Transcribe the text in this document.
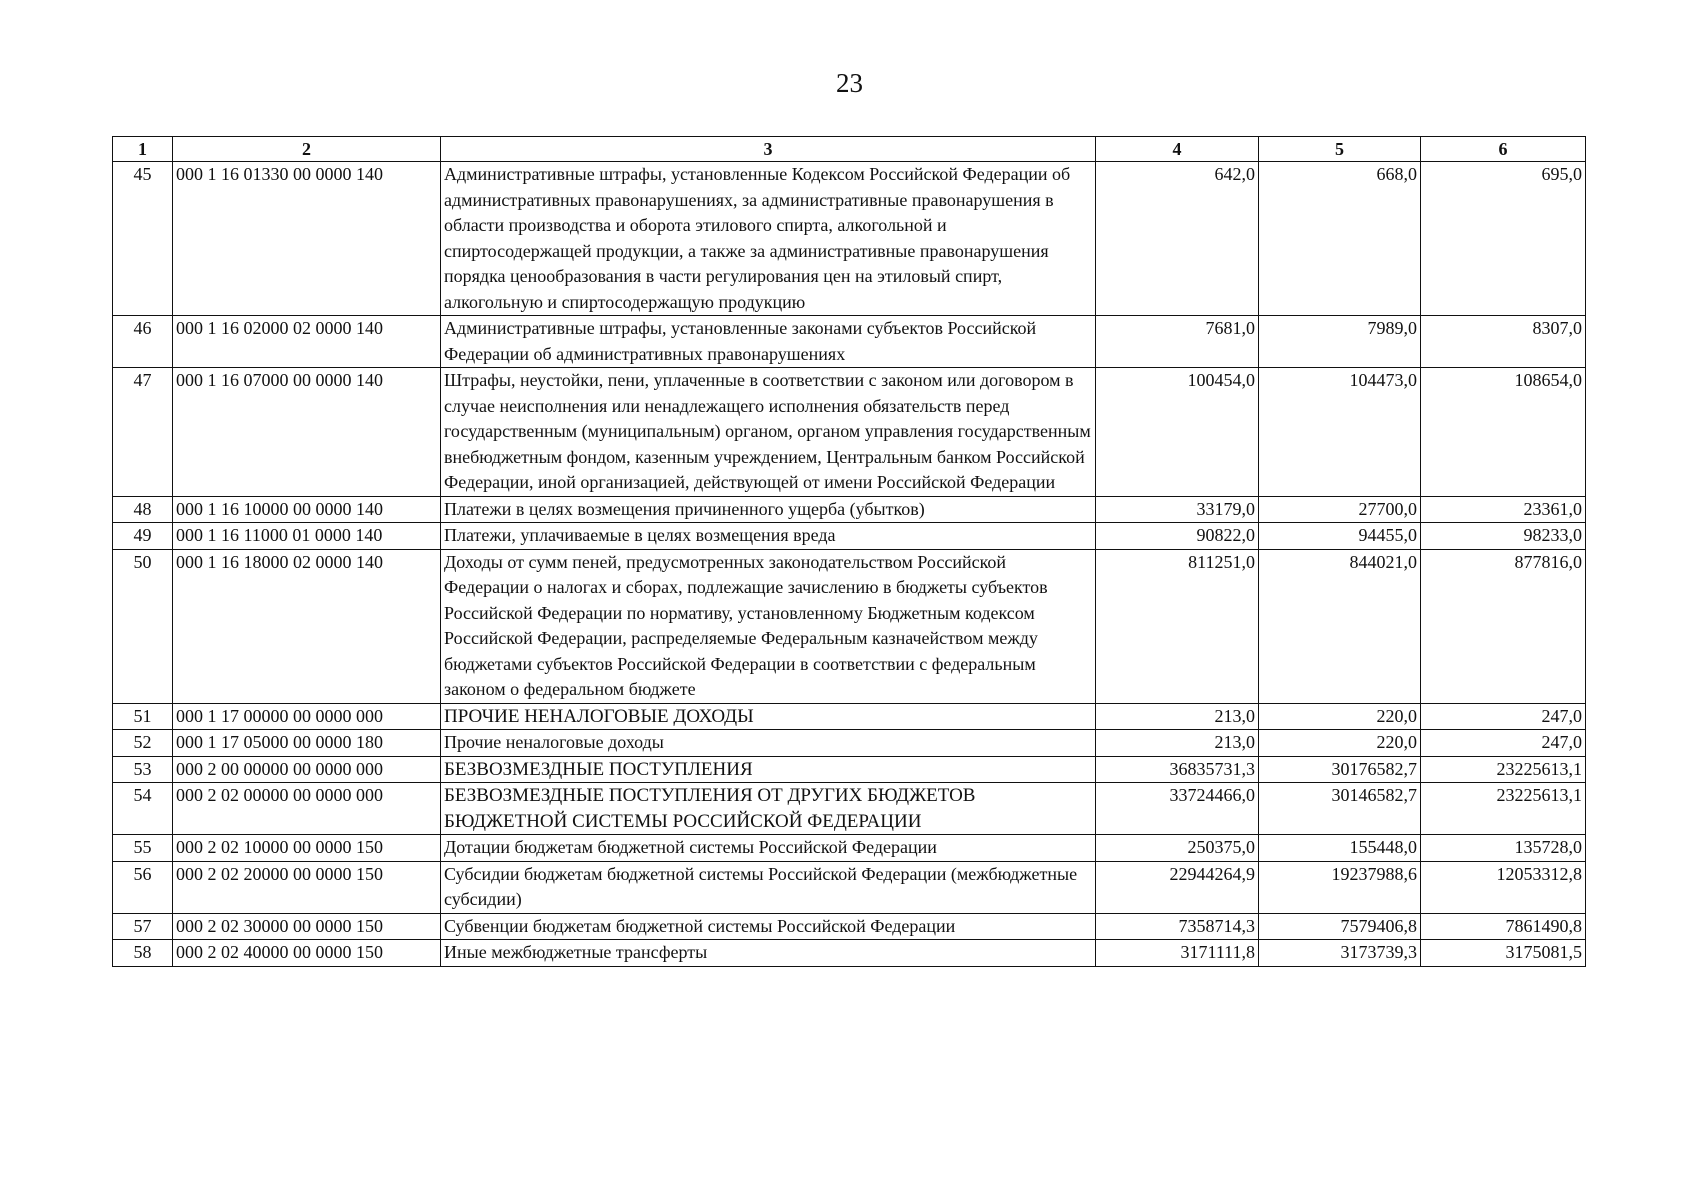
23
1	2	3	4	5	6
45	000 1 16 01330 00 0000 140	Административные штрафы, установленные Кодексом Российской Федерации об административных правонарушениях, за административные правонарушения в области производства и оборота этилового спирта, алкогольной и спиртосодержащей продукции, а также за административные правонарушения порядка ценообразования в части регулирования цен на этиловый спирт, алкогольную и спиртосодержащую продукцию	642,0	668,0	695,0
46	000 1 16 02000 02 0000 140	Административные штрафы, установленные законами субъектов Российской Федерации об административных правонарушениях	7681,0	7989,0	8307,0
47	000 1 16 07000 00 0000 140	Штрафы, неустойки, пени, уплаченные в соответствии с законом или договором в случае неисполнения или ненадлежащего исполнения обязательств перед государственным (муниципальным) органом, органом управления государственным внебюджетным фондом, казенным учреждением, Центральным банком Российской Федерации, иной организацией, действующей от имени Российской Федерации	100454,0	104473,0	108654,0
48	000 1 16 10000 00 0000 140	Платежи в целях возмещения причиненного ущерба (убытков)	33179,0	27700,0	23361,0
49	000 1 16 11000 01 0000 140	Платежи, уплачиваемые в целях возмещения вреда	90822,0	94455,0	98233,0
50	000 1 16 18000 02 0000 140	Доходы от сумм пеней, предусмотренных законодательством Российской Федерации о налогах и сборах, подлежащие зачислению в бюджеты субъектов Российской Федерации по нормативу, установленному Бюджетным кодексом Российской Федерации, распределяемые Федеральным казначейством между бюджетами субъектов Российской Федерации в соответствии с федеральным законом о федеральном бюджете	811251,0	844021,0	877816,0
51	000 1 17 00000 00 0000 000	ПРОЧИЕ НЕНАЛОГОВЫЕ ДОХОДЫ	213,0	220,0	247,0
52	000 1 17 05000 00 0000 180	Прочие неналоговые доходы	213,0	220,0	247,0
53	000 2 00 00000 00 0000 000	БЕЗВОЗМЕЗДНЫЕ ПОСТУПЛЕНИЯ	36835731,3	30176582,7	23225613,1
54	000 2 02 00000 00 0000 000	БЕЗВОЗМЕЗДНЫЕ ПОСТУПЛЕНИЯ ОТ ДРУГИХ БЮДЖЕТОВ БЮДЖЕТНОЙ СИСТЕМЫ РОССИЙСКОЙ ФЕДЕРАЦИИ	33724466,0	30146582,7	23225613,1
55	000 2 02 10000 00 0000 150	Дотации бюджетам бюджетной системы Российской Федерации	250375,0	155448,0	135728,0
56	000 2 02 20000 00 0000 150	Субсидии бюджетам бюджетной системы Российской Федерации (межбюджетные субсидии)	22944264,9	19237988,6	12053312,8
57	000 2 02 30000 00 0000 150	Субвенции бюджетам бюджетной системы Российской Федерации	7358714,3	7579406,8	7861490,8
58	000 2 02 40000 00 0000 150	Иные межбюджетные трансферты	3171111,8	3173739,3	3175081,5
